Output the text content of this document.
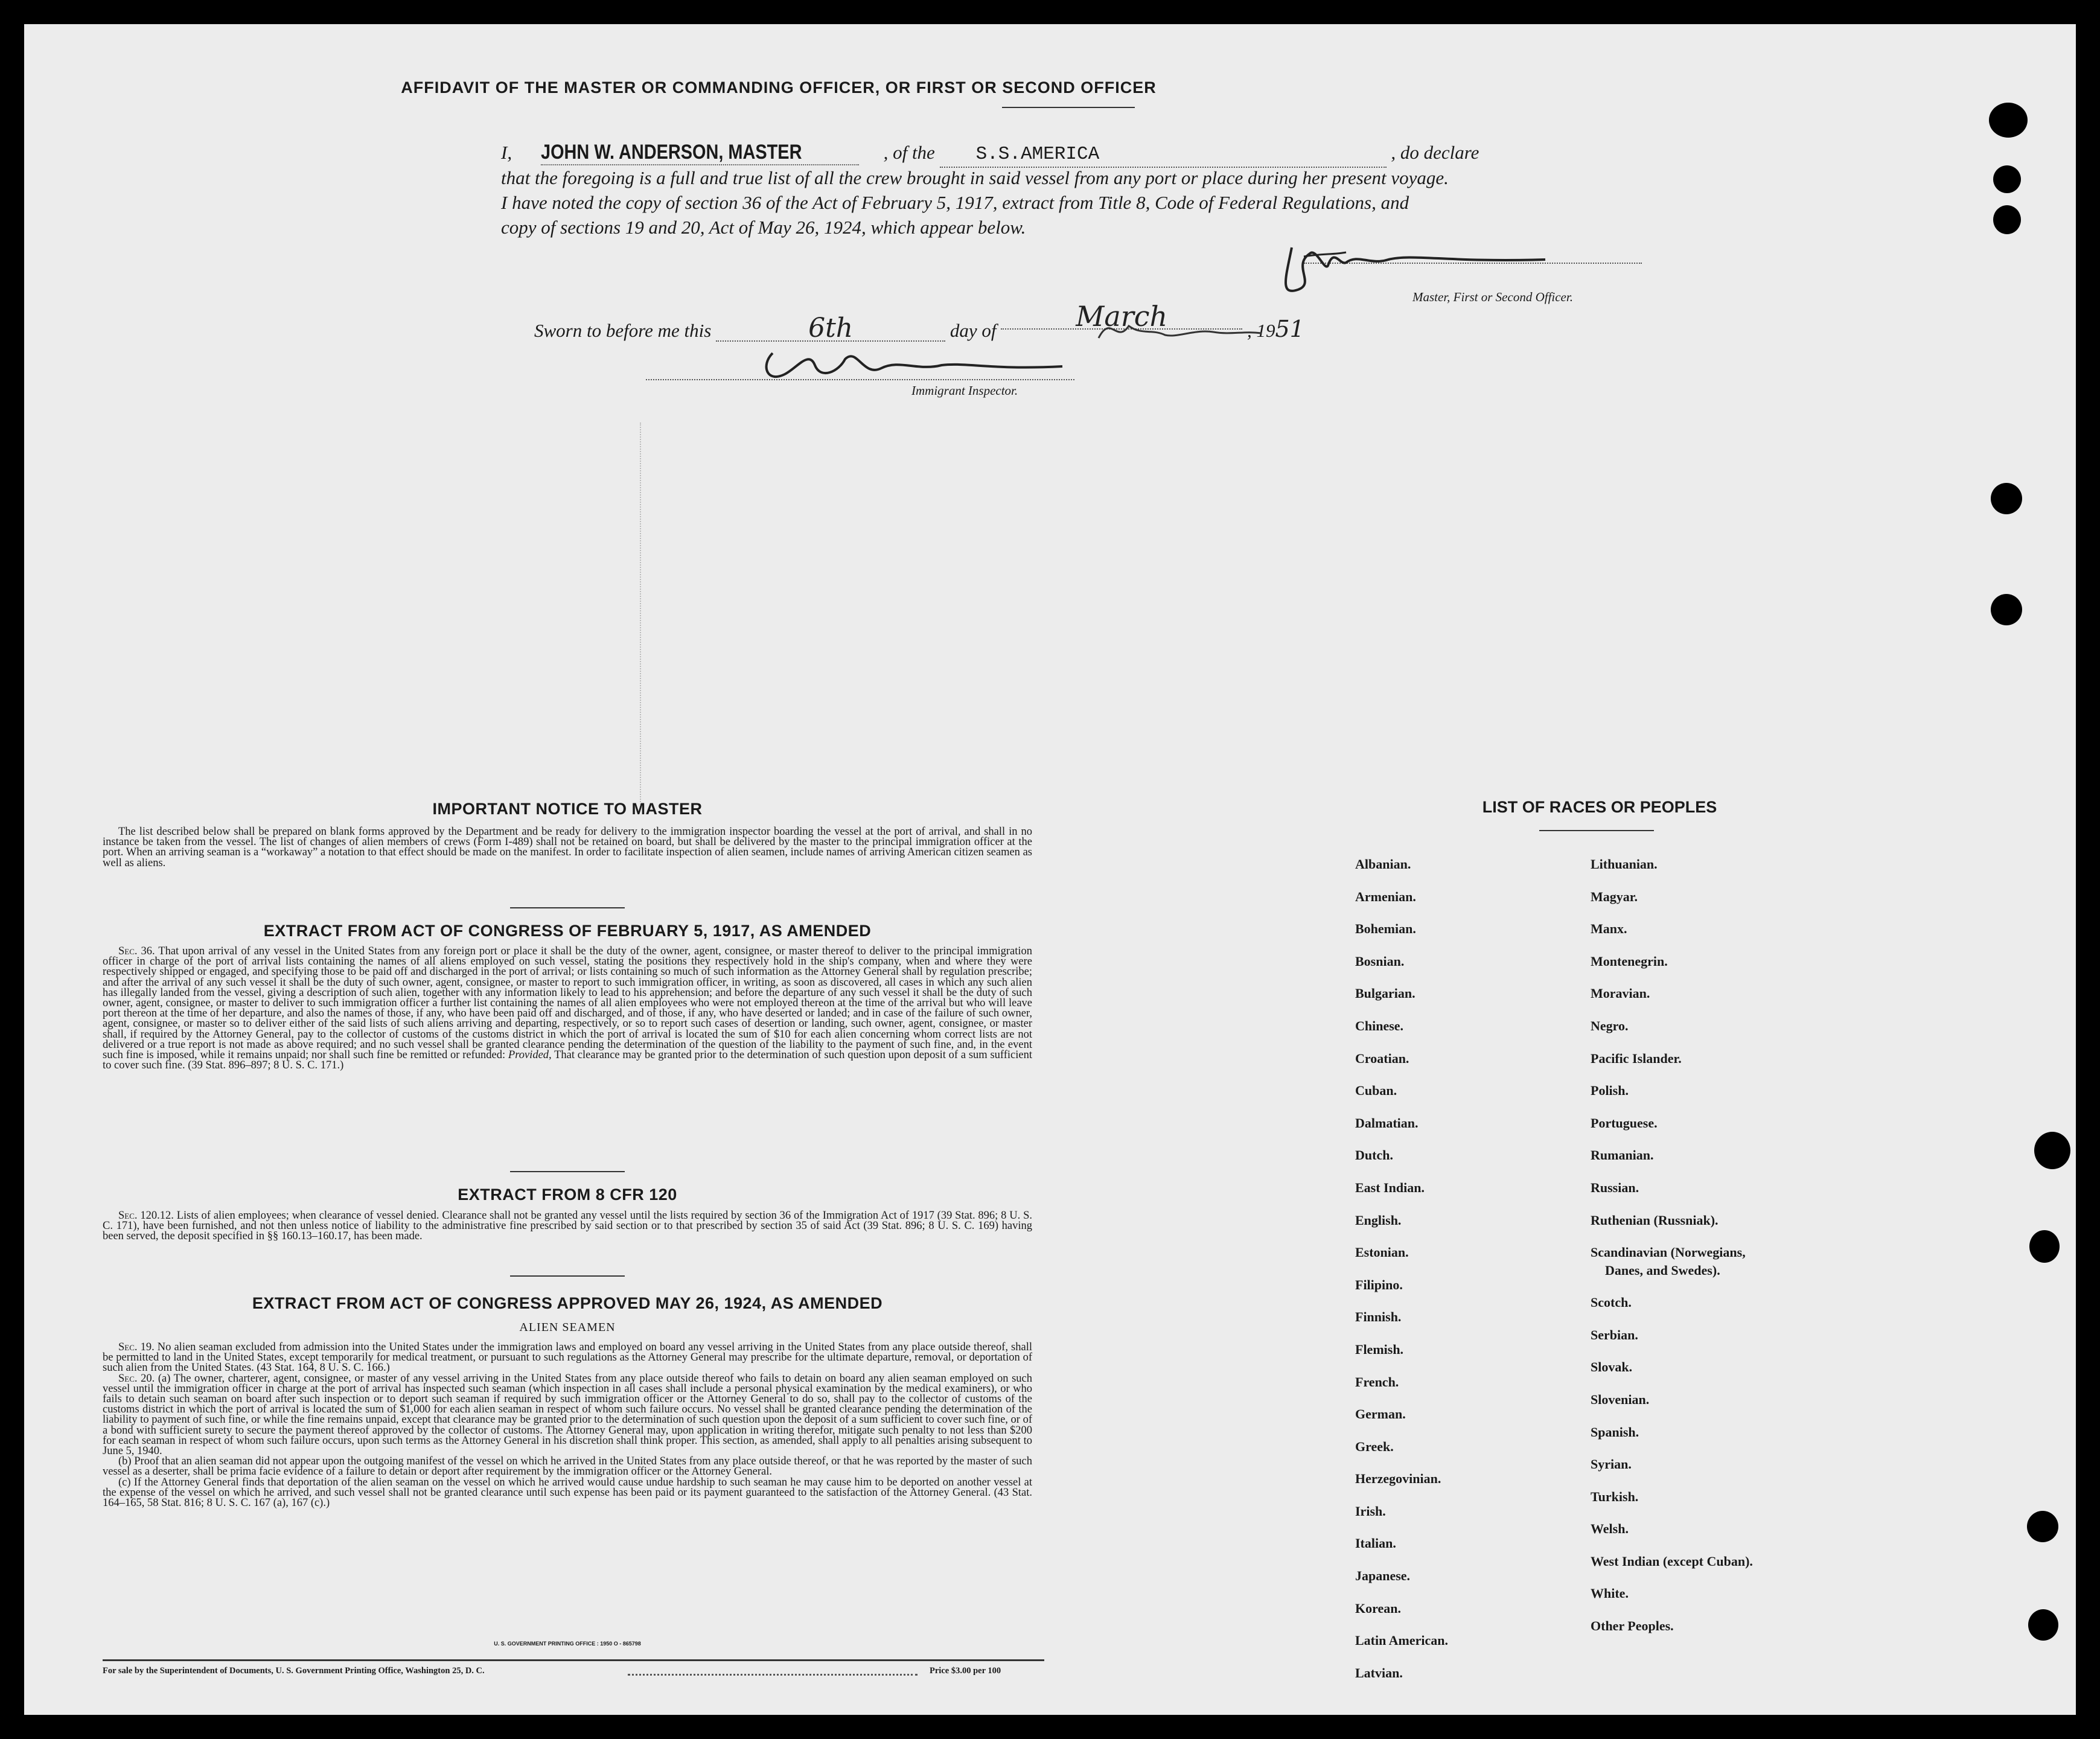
AFFIDAVIT OF THE MASTER OR COMMANDING OFFICER, OR FIRST OR SECOND OFFICER
I, JOHN W. ANDERSON, MASTER	, of the S.S.AMERICA	, do declare
that the foregoing is a full and true list of all the crew brought in said vessel from any port or place during her present voyage.
I have noted the copy of section 36 of the Act of February 5, 1917, extract from Title 8, Code of Federal Regulations, and
copy of sections 19 and 20, Act of May 26, 1924, which appear below.
Master, First or Second Officer.
Sworn to before me this	6th	day of	March	, 1951
Immigrant Inspector.
IMPORTANT NOTICE TO MASTER
The list described below shall be prepared on blank forms approved by the Department and be ready for delivery to the immigration inspector boarding the vessel at the port of arrival, and shall in no instance be taken from the vessel. The list of changes of alien members of crews (Form I-489) shall not be retained on board, but shall be delivered by the master to the principal immigration officer at the port. When an arriving seaman is a “workaway” a notation to that effect should be made on the manifest. In order to facilitate inspection of alien seamen, include names of arriving American citizen seamen as well as aliens.
EXTRACT FROM ACT OF CONGRESS OF FEBRUARY 5, 1917, AS AMENDED
Sec. 36. That upon arrival of any vessel in the United States from any foreign port or place it shall be the duty of the owner, agent, consignee, or master thereof to deliver to the principal immigration officer in charge of the port of arrival lists containing the names of all aliens employed on such vessel, stating the positions they respectively hold in the ship's company, when and where they were respectively shipped or engaged, and specifying those to be paid off and discharged in the port of arrival; or lists containing so much of such information as the Attorney General shall by regulation prescribe; and after the arrival of any such vessel it shall be the duty of such owner, agent, consignee, or master to report to such immigration officer, in writing, as soon as discovered, all cases in which any such alien has illegally landed from the vessel, giving a description of such alien, together with any information likely to lead to his apprehension; and before the departure of any such vessel it shall be the duty of such owner, agent, consignee, or master to deliver to such immigration officer a further list containing the names of all alien employees who were not employed thereon at the time of the arrival but who will leave port thereon at the time of her departure, and also the names of those, if any, who have been paid off and discharged, and of those, if any, who have deserted or landed; and in case of the failure of such owner, agent, consignee, or master so to deliver either of the said lists of such aliens arriving and departing, respectively, or so to report such cases of desertion or landing, such owner, agent, consignee, or master shall, if required by the Attorney General, pay to the collector of customs of the customs district in which the port of arrival is located the sum of $10 for each alien concerning whom correct lists are not delivered or a true report is not made as above required; and no such vessel shall be granted clearance pending the determination of the question of the liability to the payment of such fine, and, in the event such fine is imposed, while it remains unpaid; nor shall such fine be remitted or refunded: Provided, That clearance may be granted prior to the determination of such question upon deposit of a sum sufficient to cover such fine. (39 Stat. 896–897; 8 U. S. C. 171.)
EXTRACT FROM 8 CFR 120
Sec. 120.12. Lists of alien employees; when clearance of vessel denied. Clearance shall not be granted any vessel until the lists required by section 36 of the Immigration Act of 1917 (39 Stat. 896; 8 U. S. C. 171), have been furnished, and not then unless notice of liability to the administrative fine prescribed by said section or to that prescribed by section 35 of said Act (39 Stat. 896; 8 U. S. C. 169) having been served, the deposit specified in §§ 160.13–160.17, has been made.
EXTRACT FROM ACT OF CONGRESS APPROVED MAY 26, 1924, AS AMENDED
ALIEN SEAMEN
Sec. 19. No alien seaman excluded from admission into the United States under the immigration laws and employed on board any vessel arriving in the United States from any place outside thereof, shall be permitted to land in the United States, except temporarily for medical treatment, or pursuant to such regulations as the Attorney General may prescribe for the ultimate departure, removal, or deportation of such alien from the United States. (43 Stat. 164, 8 U. S. C. 166.)
Sec. 20. (a) The owner, charterer, agent, consignee, or master of any vessel arriving in the United States from any place outside thereof who fails to detain on board any alien seaman employed on such vessel until the immigration officer in charge at the port of arrival has inspected such seaman (which inspection in all cases shall include a personal physical examination by the medical examiners), or who fails to detain such seaman on board after such inspection or to deport such seaman if required by such immigration officer or the Attorney General to do so, shall pay to the collector of customs of the customs district in which the port of arrival is located the sum of $1,000 for each alien seaman in respect of whom such failure occurs. No vessel shall be granted clearance pending the determination of the liability to payment of such fine, or while the fine remains unpaid, except that clearance may be granted prior to the determination of such question upon the deposit of a sum sufficient to cover such fine, or of a bond with sufficient surety to secure the payment thereof approved by the collector of customs. The Attorney General may, upon application in writing therefor, mitigate such penalty to not less than $200 for each seaman in respect of whom such failure occurs, upon such terms as the Attorney General in his discretion shall think proper. This section, as amended, shall apply to all penalties arising subsequent to June 5, 1940.
(b) Proof that an alien seaman did not appear upon the outgoing manifest of the vessel on which he arrived in the United States from any place outside thereof, or that he was reported by the master of such vessel as a deserter, shall be prima facie evidence of a failure to detain or deport after requirement by the immigration officer or the Attorney General.
(c) If the Attorney General finds that deportation of the alien seaman on the vessel on which he arrived would cause undue hardship to such seaman he may cause him to be deported on another vessel at the expense of the vessel on which he arrived, and such vessel shall not be granted clearance until such expense has been paid or its payment guaranteed to the satisfaction of the Attorney General. (43 Stat. 164–165, 58 Stat. 816; 8 U. S. C. 167 (a), 167 (c).)
U. S. GOVERNMENT PRINTING OFFICE : 1950 O - 865798
For sale by the Superintendent of Documents, U. S. Government Printing Office, Washington 25, D. C.	Price $3.00 per 100
LIST OF RACES OR PEOPLES
Albanian.
Armenian.
Bohemian.
Bosnian.
Bulgarian.
Chinese.
Croatian.
Cuban.
Dalmatian.
Dutch.
East Indian.
English.
Estonian.
Filipino.
Finnish.
Flemish.
French.
German.
Greek.
Herzegovinian.
Irish.
Italian.
Japanese.
Korean.
Latin American.
Latvian.
Lithuanian.
Magyar.
Manx.
Montenegrin.
Moravian.
Negro.
Pacific Islander.
Polish.
Portuguese.
Rumanian.
Russian.
Ruthenian (Russniak).
Scandinavian (Norwegians,
Danes, and Swedes).
Scotch.
Serbian.
Slovak.
Slovenian.
Spanish.
Syrian.
Turkish.
Welsh.
West Indian (except Cuban).
White.
Other Peoples.
